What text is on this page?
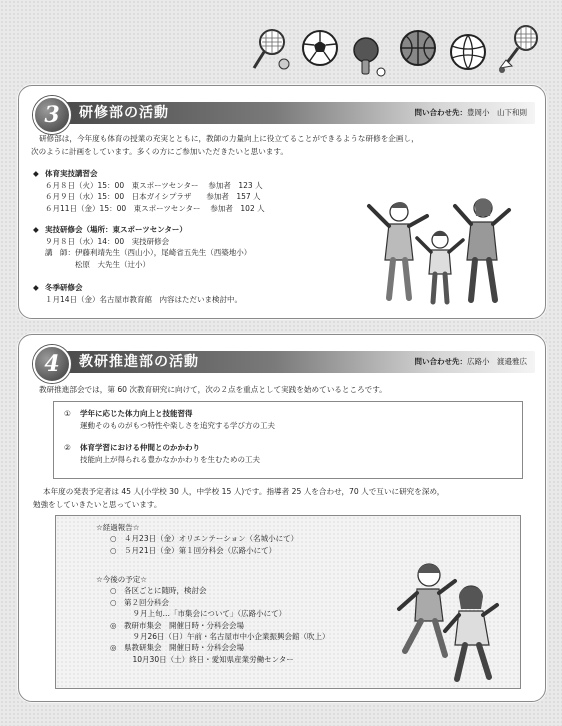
3	研修部の活動	問い合わせ先：豊岡小　山下和則
研修部は，今年度も体育の授業の充実とともに，教師の力量向上に役立てることができるような研修を企画し，
次のように計画をしています。多くの方にご参加いただきたいと思います。
◆ 体育実技講習会
６月８日（火）15：00　東スポーツセンター　 参加者　123 人
６月９日（水）15：00　日本ガイシプラザ　　参加者　157 人
６月11日（金）15：00　東スポーツセンター　 参加者　102 人
◆ 実技研修会（場所：東スポーツセンター）
９月８日（水）14：00　実技研修会
講　師：伊藤利靖先生（西山小），尾崎省五先生（西築地小）
　　　　松原　大先生（辻小）
◆ 冬季研修会
１月14日（金）名古屋市教育館　内容はただいま検討中。
4	教研推進部の活動	問い合わせ先：広路小　渡邉雅広
教研推進部会では，第 60 次教育研究に向けて，次の２点を重点として実践を始めているところです。
① 学年に応じた体力向上と技能習得
運動そのものがもつ特性や楽しさを追究する学び方の工夫
② 体育学習における仲間とのかかわり
技能向上が得られる豊かなかかわりを生むための工夫
本年度の発表予定者は 45 人(小学校 30 人，中学校 15 人)です。指導者 25 人を合わせ，70 人で互いに研究を深め，
勉強をしていきたいと思っています。
☆経過報告☆
○　４月23日（金）オリエンテーション（名城小にて）
○　５月21日（金）第１回分科会（広路小にて）
☆今後の予定☆
○　各区ごとに随時，検討会
○　第２回分科会
　　　９月上旬…「市集会について」（広路小にて）
◎　教研市集会　開催日時・分科会会場
　　　９月26日（日）午前・名古屋市中小企業振興会館（吹上）
◎　県教研集会　開催日時・分科会会場
　　　10月30日（土）終日・愛知県産業労働センター
